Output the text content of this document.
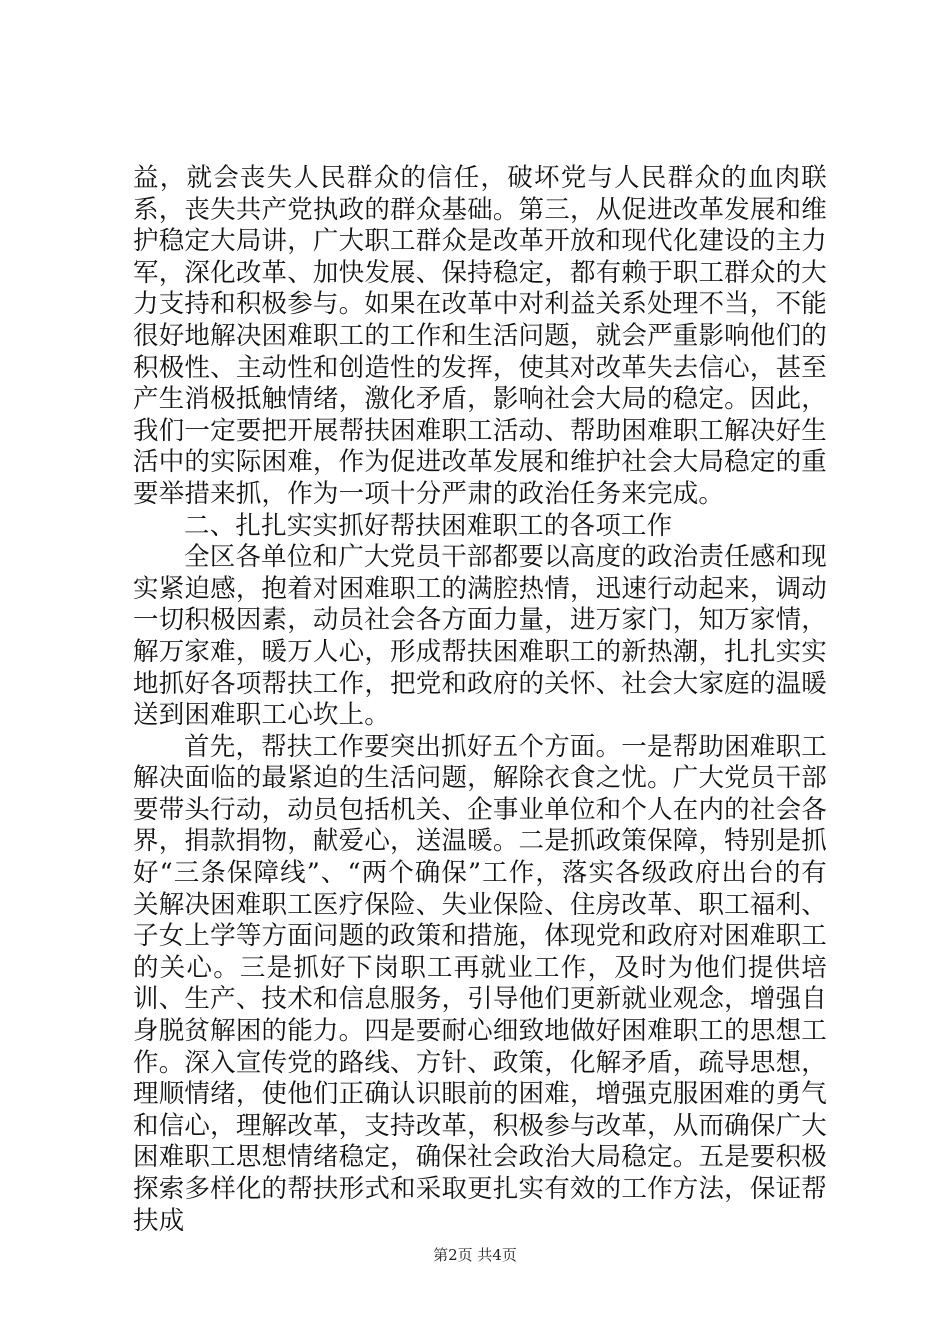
益，就会丧失人民群众的信任，破坏党与人民群众的血肉联系，丧失共产党执政的群众基础。第三，从促进改革发展和维护稳定大局讲，广大职工群众是改革开放和现代化建设的主力军，深化改革、加快发展、保持稳定，都有赖于职工群众的大力支持和积极参与。如果在改革中对利益关系处理不当，不能很好地解决困难职工的工作和生活问题，就会严重影响他们的积极性、主动性和创造性的发挥，使其对改革失去信心，甚至产生消极抵触情绪，激化矛盾，影响社会大局的稳定。因此，我们一定要把开展帮扶困难职工活动、帮助困难职工解决好生活中的实际困难，作为促进改革发展和维护社会大局稳定的重要举措来抓，作为一项十分严肃的政治任务来完成。

二、扎扎实实抓好帮扶困难职工的各项工作

全区各单位和广大党员干部都要以高度的政治责任感和现实紧迫感，抱着对困难职工的满腔热情，迅速行动起来，调动一切积极因素，动员社会各方面力量，进万家门，知万家情，解万家难，暖万人心，形成帮扶困难职工的新热潮，扎扎实实地抓好各项帮扶工作，把党和政府的关怀、社会大家庭的温暖送到困难职工心坎上。

首先，帮扶工作要突出抓好五个方面。一是帮助困难职工解决面临的最紧迫的生活问题，解除衣食之忧。广大党员干部要带头行动，动员包括机关、企事业单位和个人在内的社会各界，捐款捐物，献爱心，送温暖。二是抓政策保障，特别是抓好“三条保障线”、“两个确保”工作，落实各级政府出台的有关解决困难职工医疗保险、失业保险、住房改革、职工福利、子女上学等方面问题的政策和措施，体现党和政府对困难职工的关心。三是抓好下岗职工再就业工作，及时为他们提供培训、生产、技术和信息服务，引导他们更新就业观念，增强自身脱贫解困的能力。四是要耐心细致地做好困难职工的思想工作。深入宣传党的路线、方针、政策，化解矛盾，疏导思想，理顺情绪，使他们正确认识眼前的困难，增强克服困难的勇气和信心，理解改革，支持改革，积极参与改革，从而确保广大困难职工思想情绪稳定，确保社会政治大局稳定。五是要积极探索多样化的帮扶形式和采取更扎实有效的工作方法，保证帮扶成

第2页 共4页
